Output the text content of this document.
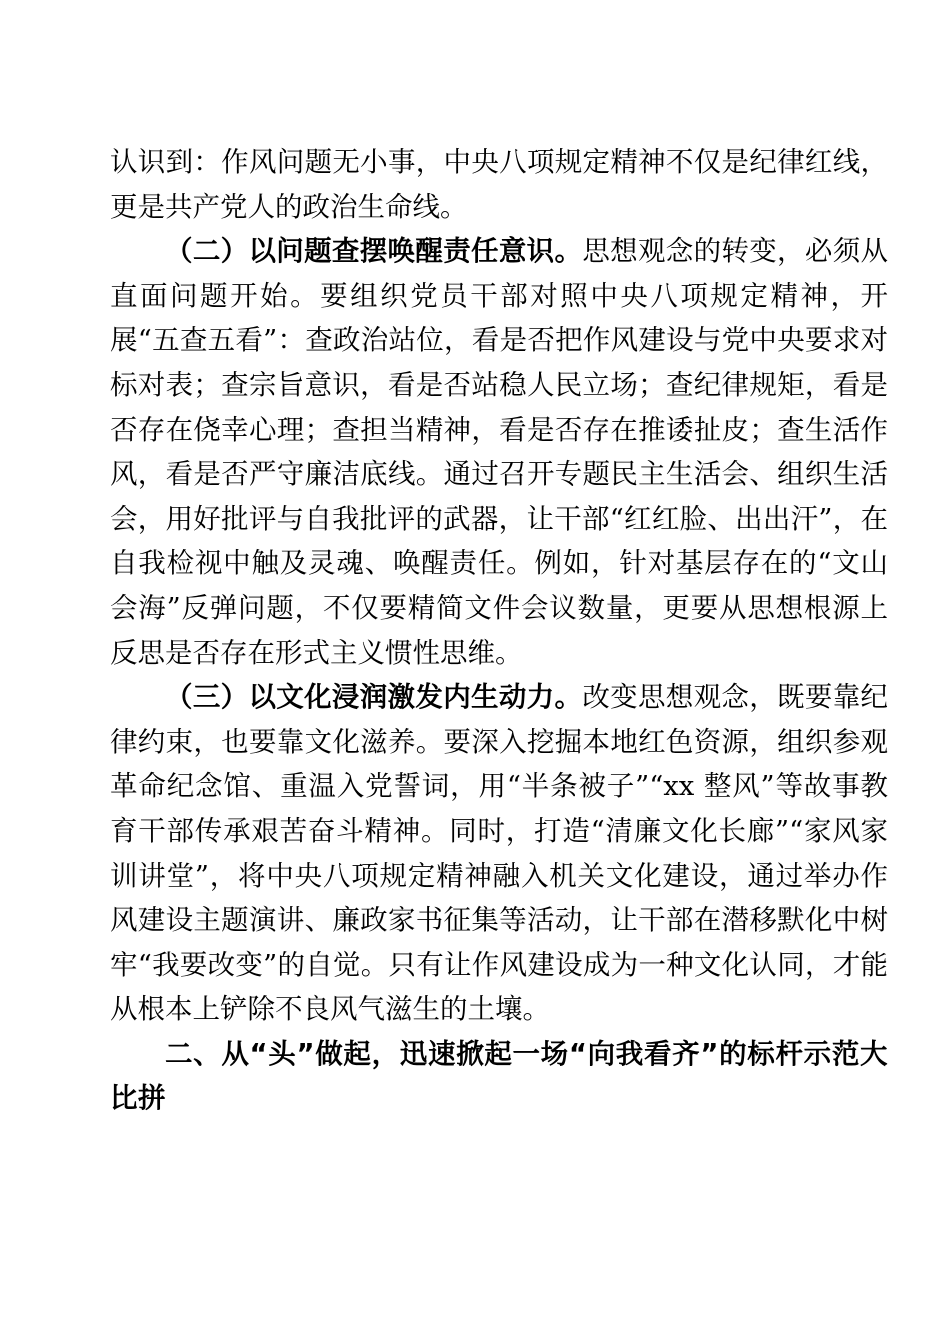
认识到：作风问题无小事，中央八项规定精神不仅是纪律红线，更是共产党人的政治生命线。

（二）以问题查摆唤醒责任意识。思想观念的转变，必须从直面问题开始。要组织党员干部对照中央八项规定精神，开展“五查五看”：查政治站位，看是否把作风建设与党中央要求对标对表；查宗旨意识，看是否站稳人民立场；查纪律规矩，看是否存在侥幸心理；查担当精神，看是否存在推诿扯皮；查生活作风，看是否严守廉洁底线。通过召开专题民主生活会、组织生活会，用好批评与自我批评的武器，让干部“红红脸、出出汗”，在自我检视中触及灵魂、唤醒责任。例如，针对基层存在的“文山会海”反弹问题，不仅要精简文件会议数量，更要从思想根源上反思是否存在形式主义惯性思维。

（三）以文化浸润激发内生动力。改变思想观念，既要靠纪律约束，也要靠文化滋养。要深入挖掘本地红色资源，组织参观革命纪念馆、重温入党誓词，用“半条被子”“xx 整风”等故事教育干部传承艰苦奋斗精神。同时，打造“清廉文化长廊”“家风家训讲堂”，将中央八项规定精神融入机关文化建设，通过举办作风建设主题演讲、廉政家书征集等活动，让干部在潜移默化中树牢“我要改变”的自觉。只有让作风建设成为一种文化认同，才能从根本上铲除不良风气滋生的土壤。

二、从“头”做起，迅速掀起一场“向我看齐”的标杆示范大比拼
